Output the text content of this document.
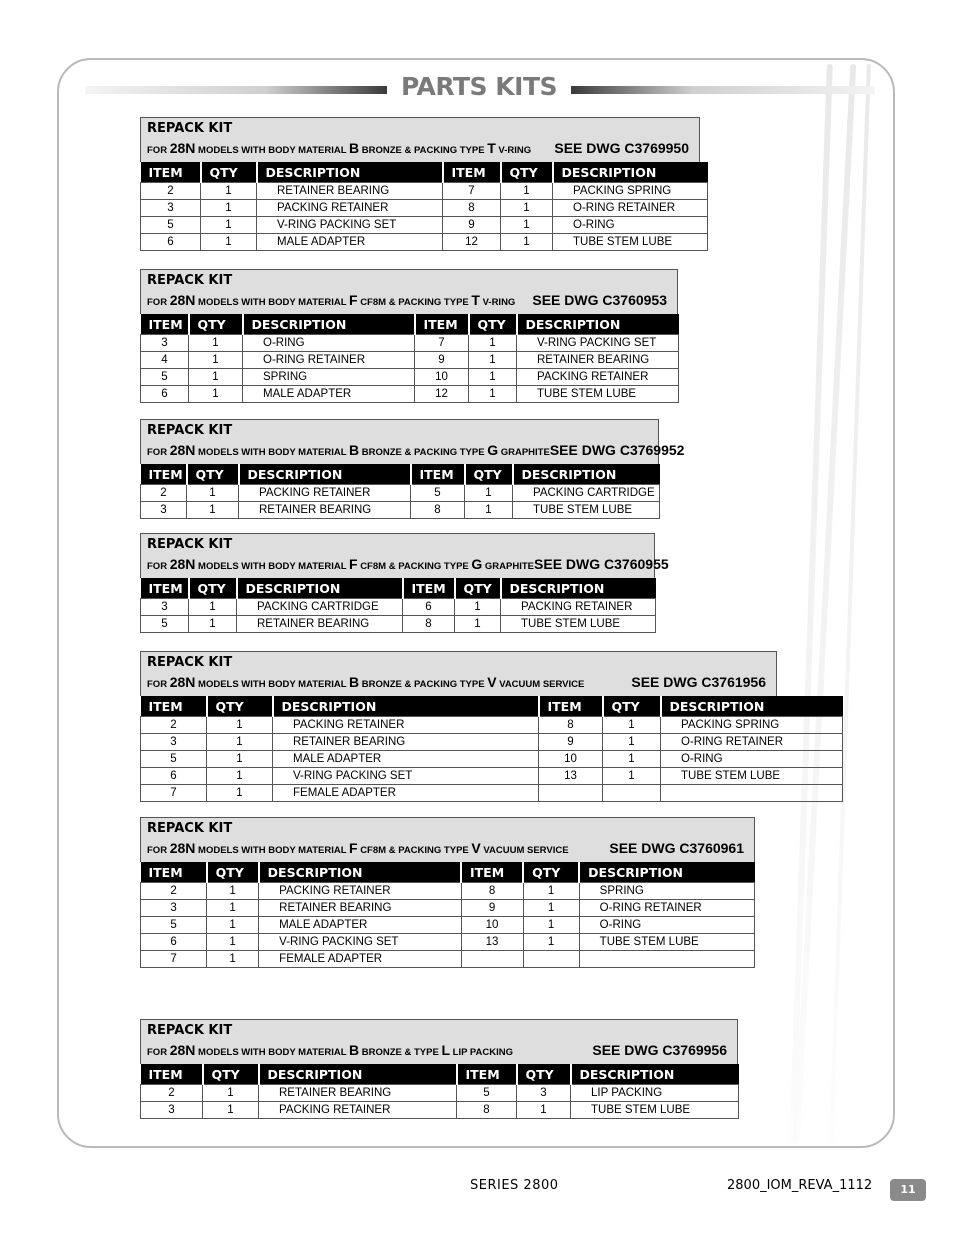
PARTS KITS
REPACK KIT
FOR 28N MODELS WITH BODY MATERIAL B BRONZE & PACKING TYPE T V-RING SEE DWG C3769950
ITEM	QTY	DESCRIPTION	ITEM	QTY	DESCRIPTION
2	1	RETAINER BEARING	7	1	PACKING SPRING
3	1	PACKING RETAINER	8	1	O-RING RETAINER
5	1	V-RING PACKING SET	9	1	O-RING
6	1	MALE ADAPTER	12	1	TUBE STEM LUBE
REPACK KIT
FOR 28N MODELS WITH BODY MATERIAL F CF8M & PACKING TYPE T V-RING SEE DWG C3760953
ITEM	QTY	DESCRIPTION	ITEM	QTY	DESCRIPTION
3	1	O-RING	7	1	V-RING PACKING SET
4	1	O-RING RETAINER	9	1	RETAINER BEARING
5	1	SPRING	10	1	PACKING RETAINER
6	1	MALE ADAPTER	12	1	TUBE STEM LUBE
REPACK KIT
FOR 28N MODELS WITH BODY MATERIAL B BRONZE & PACKING TYPE G GRAPHITE SEE DWG C3769952
ITEM	QTY	DESCRIPTION	ITEM	QTY	DESCRIPTION
2	1	PACKING RETAINER	5	1	PACKING CARTRIDGE
3	1	RETAINER BEARING	8	1	TUBE STEM LUBE
REPACK KIT
FOR 28N MODELS WITH BODY MATERIAL F CF8M & PACKING TYPE G GRAPHITE SEE DWG C3760955
ITEM	QTY	DESCRIPTION	ITEM	QTY	DESCRIPTION
3	1	PACKING CARTRIDGE	6	1	PACKING RETAINER
5	1	RETAINER BEARING	8	1	TUBE STEM LUBE
REPACK KIT
FOR 28N MODELS WITH BODY MATERIAL B BRONZE & PACKING TYPE V VACUUM SERVICE	SEE DWG C3761956
ITEM	QTY	DESCRIPTION	ITEM	QTY	DESCRIPTION
2	1	PACKING RETAINER	8	1	PACKING SPRING
3	1	RETAINER BEARING	9	1	O-RING RETAINER
5	1	MALE ADAPTER	10	1	O-RING
6	1	V-RING PACKING SET	13	1	TUBE STEM LUBE
7	1	FEMALE ADAPTER			
REPACK KIT
FOR 28N MODELS WITH BODY MATERIAL F CF8M & PACKING TYPE V VACUUM SERVICE	SEE DWG C3760961
ITEM	QTY	DESCRIPTION	ITEM	QTY	DESCRIPTION
2	1	PACKING RETAINER	8	1	SPRING
3	1	RETAINER BEARING	9	1	O-RING RETAINER
5	1	MALE ADAPTER	10	1	O-RING
6	1	V-RING PACKING SET	13	1	TUBE STEM LUBE
7	1	FEMALE ADAPTER			
REPACK KIT
FOR 28N MODELS WITH BODY MATERIAL B BRONZE & TYPE L LIP PACKING	SEE DWG C3769956
ITEM	QTY	DESCRIPTION	ITEM	QTY	DESCRIPTION
2	1	RETAINER BEARING	5	3	LIP PACKING
3	1	PACKING RETAINER	8	1	TUBE STEM LUBE
SERIES 2800	2800_IOM_REVA_1112	11
